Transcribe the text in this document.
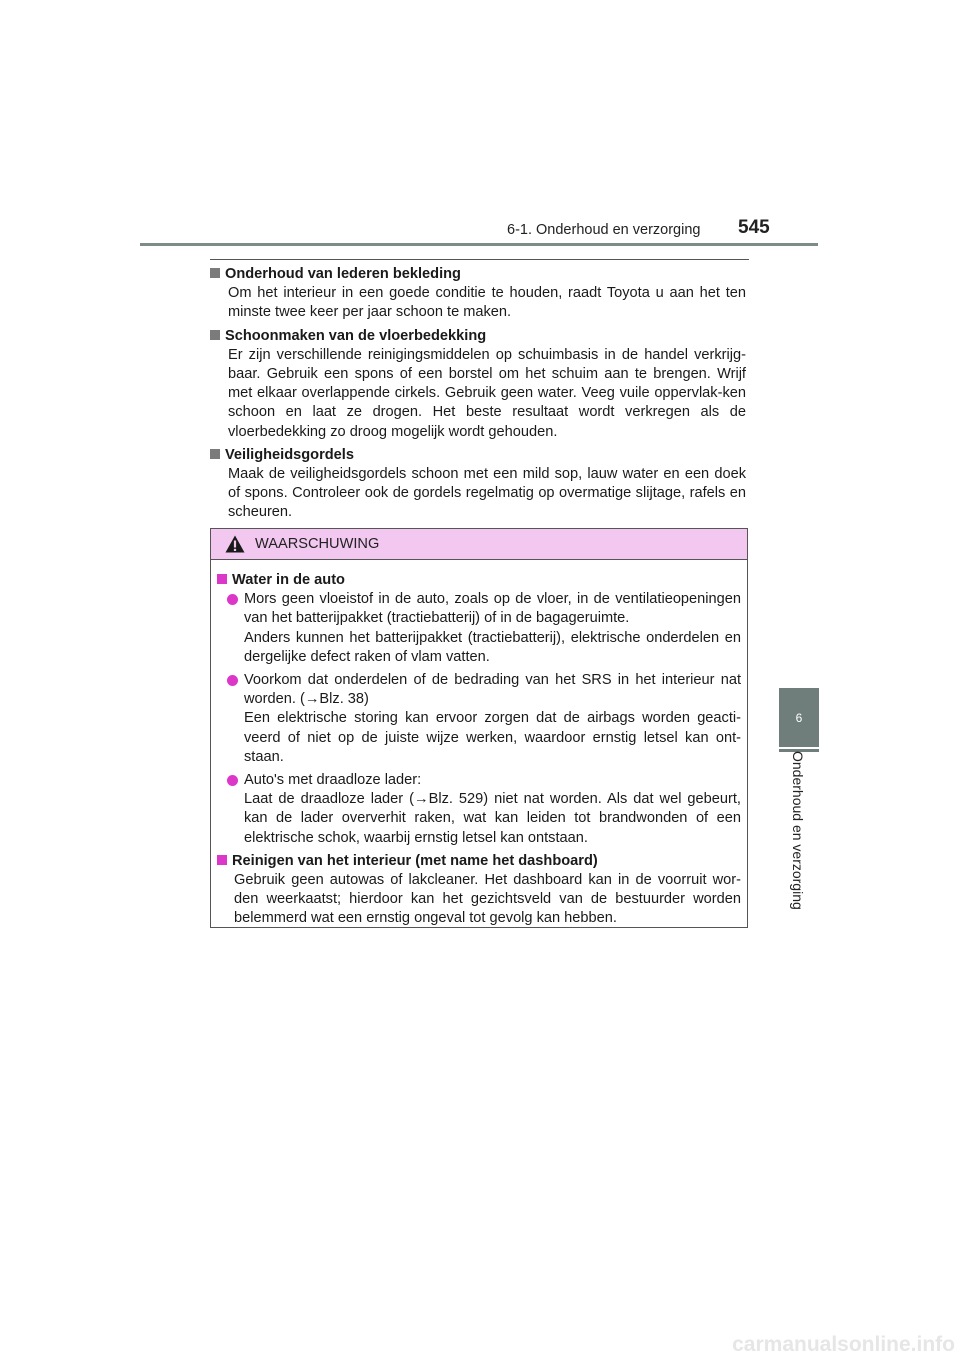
6-1. Onderhoud en verzorging 545
6
Onderhoud en verzorging
Onderhoud van lederen bekleding

Om het interieur in een goede conditie te houden, raadt Toyota u aan het ten minste twee keer per jaar schoon te maken.

Schoonmaken van de vloerbedekking

Er zijn verschillende reinigingsmiddelen op schuimbasis in de handel verkrijg-baar. Gebruik een spons of een borstel om het schuim aan te brengen. Wrijf met elkaar overlappende cirkels. Gebruik geen water. Veeg vuile oppervlak-ken schoon en laat ze drogen. Het beste resultaat wordt verkregen als de vloerbedekking zo droog mogelijk wordt gehouden.

Veiligheidsgordels

Maak de veiligheidsgordels schoon met een mild sop, lauw water en een doek of spons. Controleer ook de gordels regelmatig op overmatige slijtage, rafels en scheuren.

WAARSCHUWING
Water in de auto

Mors geen vloeistof in de auto, zoals op de vloer, in de ventilatieopeningen van het batterijpakket (tractiebatterij) of in de bagageruimte.

Anders kunnen het batterijpakket (tractiebatterij), elektrische onderdelen en dergelijke defect raken of vlam vatten.

Voorkom dat onderdelen of de bedrading van het SRS in het interieur nat worden. (→Blz. 38)

Een elektrische storing kan ervoor zorgen dat de airbags worden geacti-veerd of niet op de juiste wijze werken, waardoor ernstig letsel kan ont-staan.

Auto's met draadloze lader:

Laat de draadloze lader (→Blz. 529) niet nat worden. Als dat wel gebeurt, kan de lader oververhit raken, wat kan leiden tot brandwonden of een elektrische schok, waarbij ernstig letsel kan ontstaan.

Reinigen van het interieur (met name het dashboard)

Gebruik geen autowas of lakcleaner. Het dashboard kan in de voorruit wor-den weerkaatst; hierdoor kan het gezichtsveld van de bestuurder worden belemmerd wat een ernstig ongeval tot gevolg kan hebben.

carmanualsonline.info
